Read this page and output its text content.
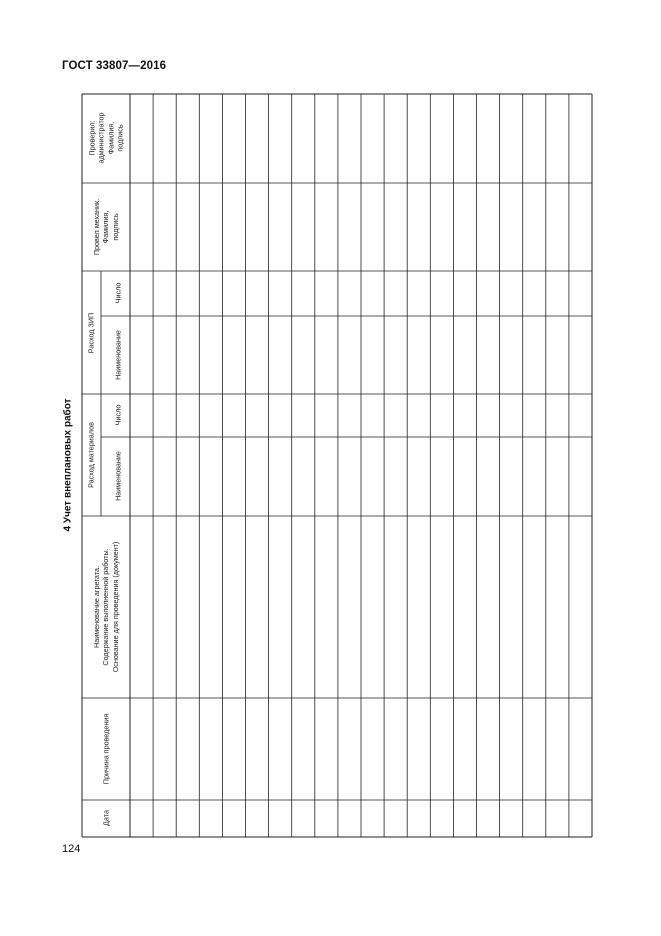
ГОСТ 33807—2016
124
4 Учет внеплановых работ
Дата
Причина проведения
Наименование агрегата. Содержание выполненной работы. Основание для проведения (документ)
Расход материалов	Наименование
Число
Расход ЗИП	Наименование
Число
Провел механик. Фамилия, подпись
Проверил: администратор Фамилия, подпись
